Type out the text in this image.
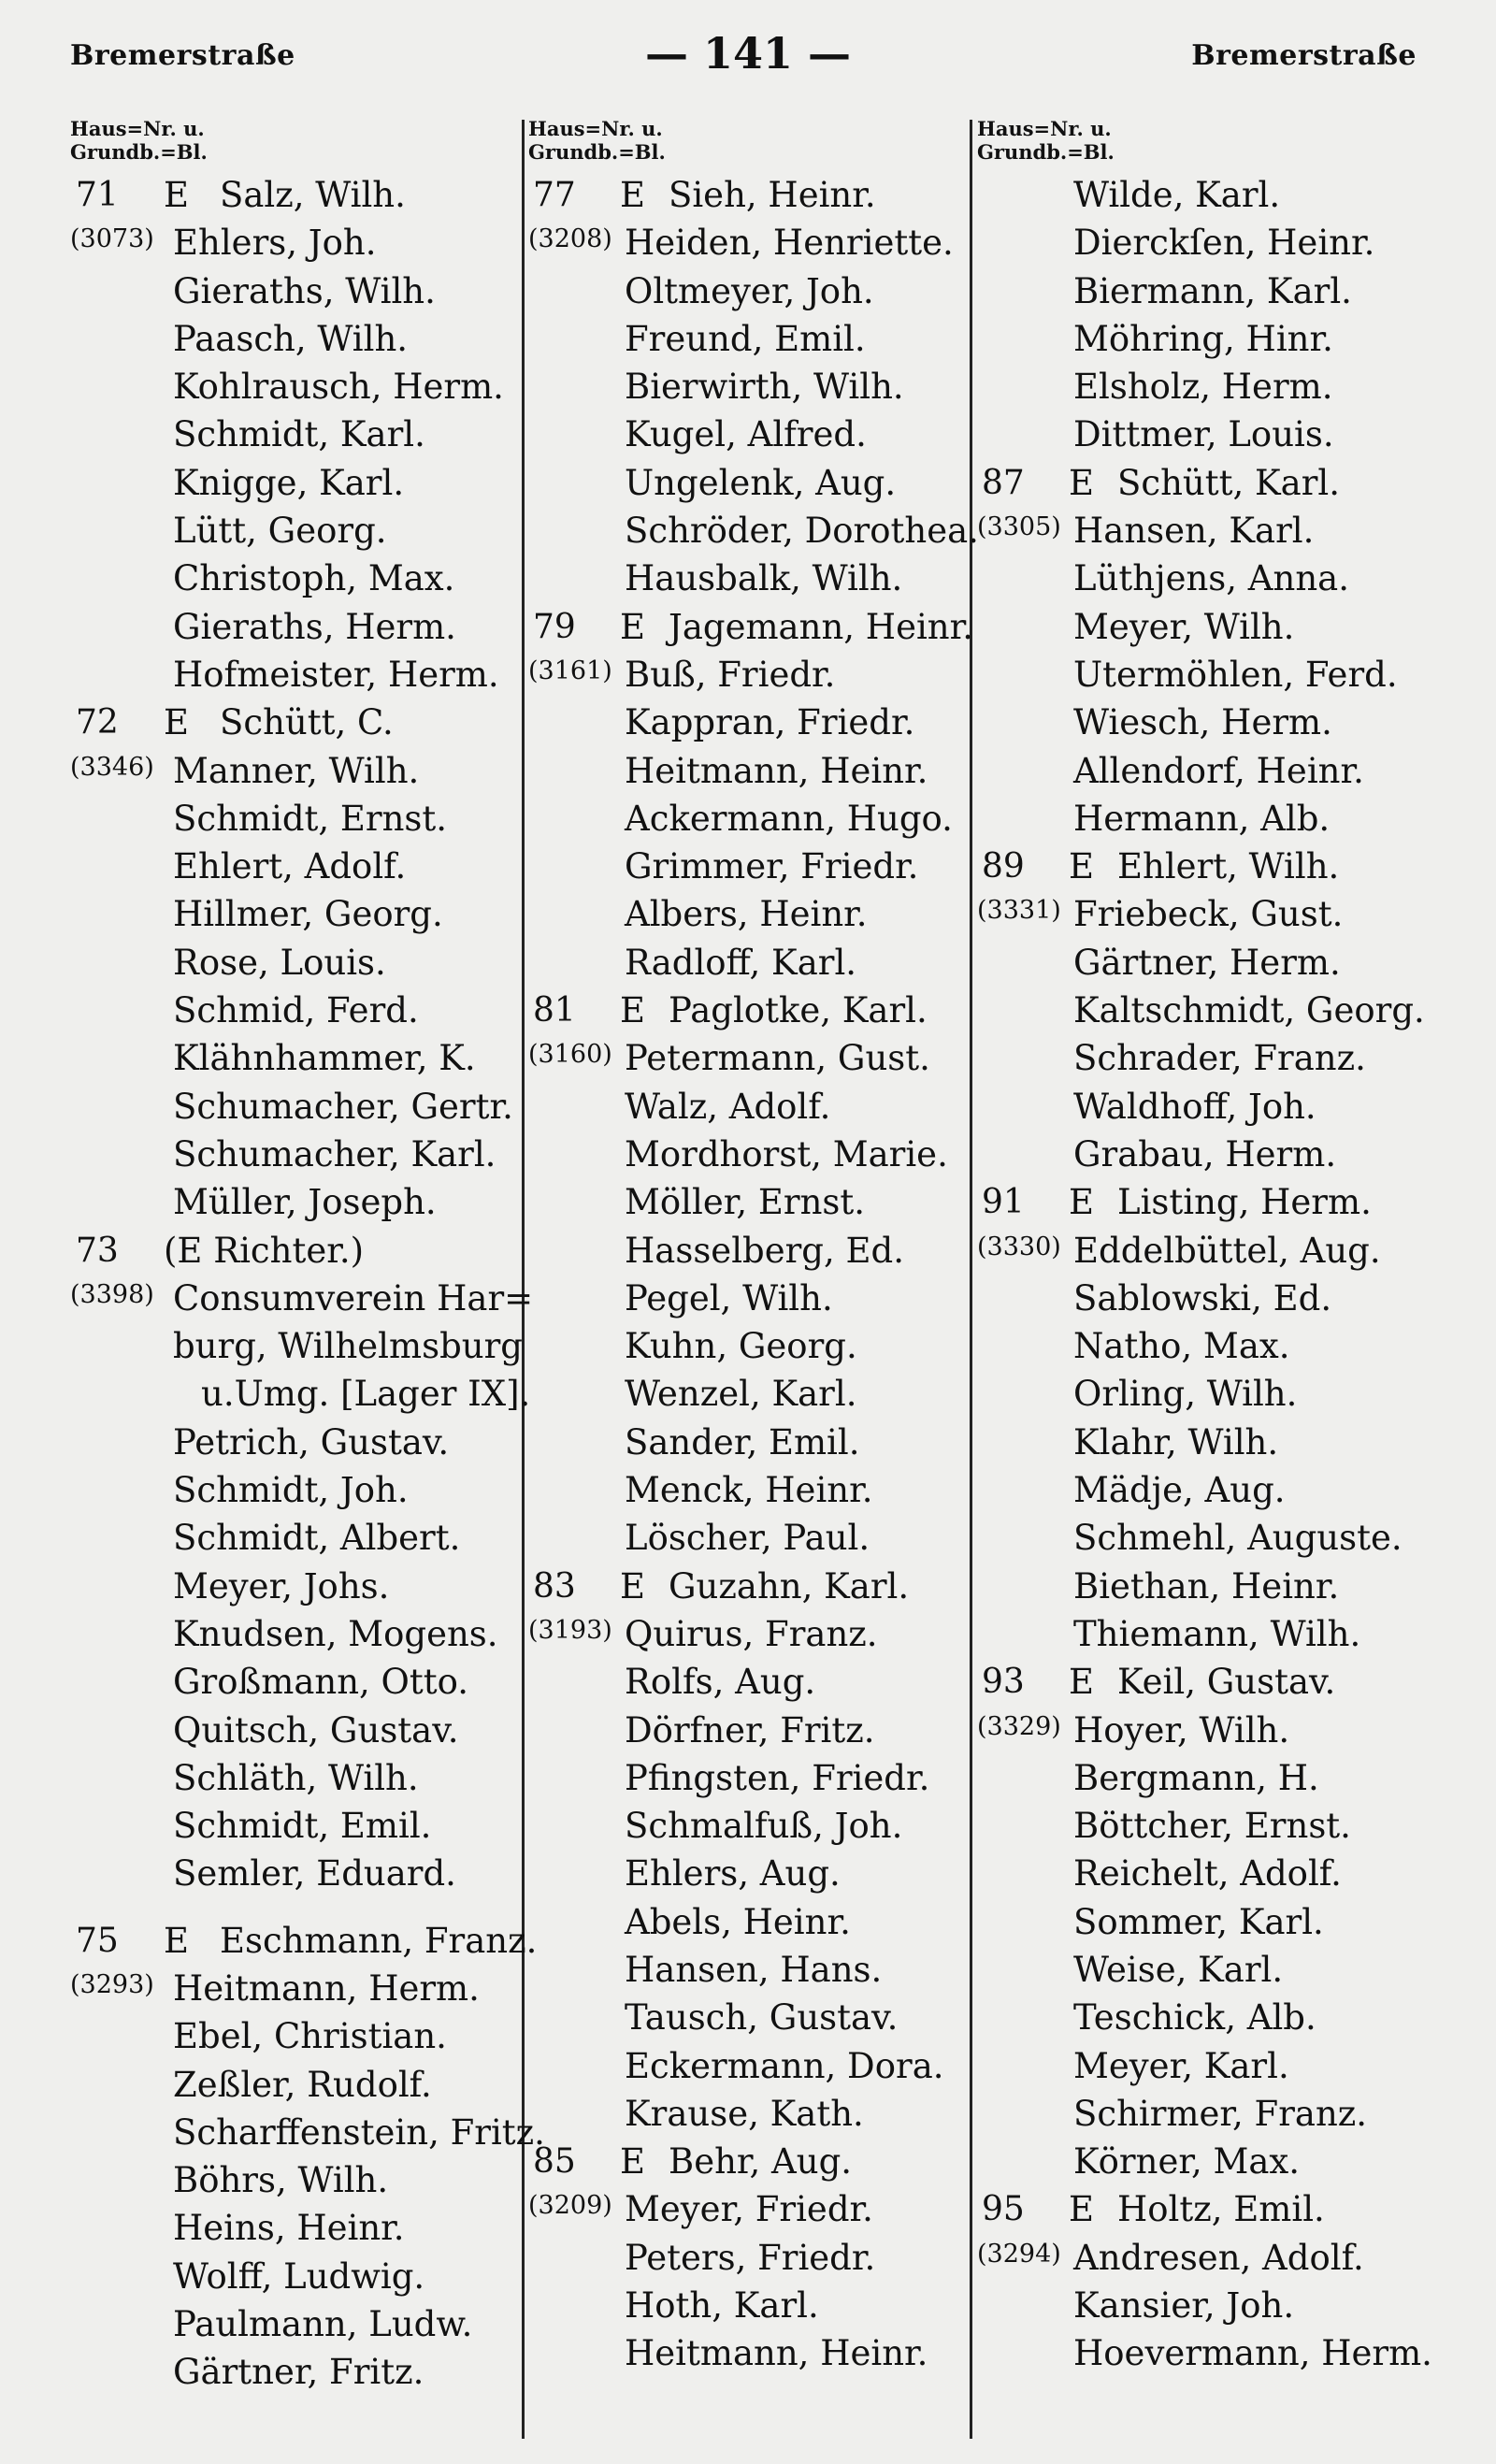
Bremerstraße	— 141 —	Bremerstraße
Haus=Nr. u.
Grundb.=Bl.
71 E Salz, Wilh.
(3073) Ehlers, Joh.
Gieraths, Wilh.
Paasch, Wilh.
Kohlrausch, Herm.
Schmidt, Karl.
Knigge, Karl.
Lütt, Georg.
Christoph, Max.
Gieraths, Herm.
Hofmeister, Herm.
72 E Schütt, C.
(3346) Manner, Wilh.
Schmidt, Ernst.
Ehlert, Adolf.
Hillmer, Georg.
Rose, Louis.
Schmid, Ferd.
Klähnhammer, K.
Schumacher, Gertr.
Schumacher, Karl.
Müller, Joseph.
73 (E Richter.)
(3398) Consumverein Har=
burg, Wilhelmsburg
u.Umg. [Lager IX].
Petrich, Gustav.
Schmidt, Joh.
Schmidt, Albert.
Meyer, Johs.
Knudsen, Mogens.
Großmann, Otto.
Quitsch, Gustav.
Schläth, Wilh.
Schmidt, Emil.
Semler, Eduard.
75 E Eschmann, Franz.
(3293) Heitmann, Herm.
Ebel, Christian.
Zeßler, Rudolf.
Scharffenstein, Fritz.
Böhrs, Wilh.
Heins, Heinr.
Wolff, Ludwig.
Paulmann, Ludw.
Gärtner, Fritz.
Haus=Nr. u.
Grundb.=Bl.
77 E Sieh, Heinr.
(3208) Heiden, Henriette.
Oltmeyer, Joh.
Freund, Emil.
Bierwirth, Wilh.
Kugel, Alfred.
Ungelenk, Aug.
Schröder, Dorothea.
Hausbalk, Wilh.
79 E Jagemann, Heinr.
(3161) Buß, Friedr.
Kappran, Friedr.
Heitmann, Heinr.
Ackermann, Hugo.
Grimmer, Friedr.
Albers, Heinr.
Radloff, Karl.
81 E Paglotke, Karl.
(3160) Petermann, Gust.
Walz, Adolf.
Mordhorst, Marie.
Möller, Ernst.
Hasselberg, Ed.
Pegel, Wilh.
Kuhn, Georg.
Wenzel, Karl.
Sander, Emil.
Menck, Heinr.
Löscher, Paul.
83 E Guzahn, Karl.
(3193) Quirus, Franz.
Rolfs, Aug.
Dörfner, Fritz.
Pfingsten, Friedr.
Schmalfuß, Joh.
Ehlers, Aug.
Abels, Heinr.
Hansen, Hans.
Tausch, Gustav.
Eckermann, Dora.
Krause, Kath.
85 E Behr, Aug.
(3209) Meyer, Friedr.
Peters, Friedr.
Hoth, Karl.
Heitmann, Heinr.
Haus=Nr. u.
Grundb.=Bl.
Wilde, Karl.
Dierckſen, Heinr.
Biermann, Karl.
Möhring, Hinr.
Elsholz, Herm.
Dittmer, Louis.
87 E Schütt, Karl.
(3305) Hansen, Karl.
Lüthjens, Anna.
Meyer, Wilh.
Utermöhlen, Ferd.
Wiesch, Herm.
Allendorf, Heinr.
Hermann, Alb.
89 E Ehlert, Wilh.
(3331) Friebeck, Gust.
Gärtner, Herm.
Kaltschmidt, Georg.
Schrader, Franz.
Waldhoff, Joh.
Grabau, Herm.
91 E Listing, Herm.
(3330) Eddelbüttel, Aug.
Sablowski, Ed.
Natho, Max.
Orling, Wilh.
Klahr, Wilh.
Mädje, Aug.
Schmehl, Auguste.
Biethan, Heinr.
Thiemann, Wilh.
93 E Keil, Gustav.
(3329) Hoyer, Wilh.
Bergmann, H.
Böttcher, Ernst.
Reichelt, Adolf.
Sommer, Karl.
Weise, Karl.
Teschick, Alb.
Meyer, Karl.
Schirmer, Franz.
Körner, Max.
95 E Holtz, Emil.
(3294) Andresen, Adolf.
Kansier, Joh.
Hoevermann, Herm.
